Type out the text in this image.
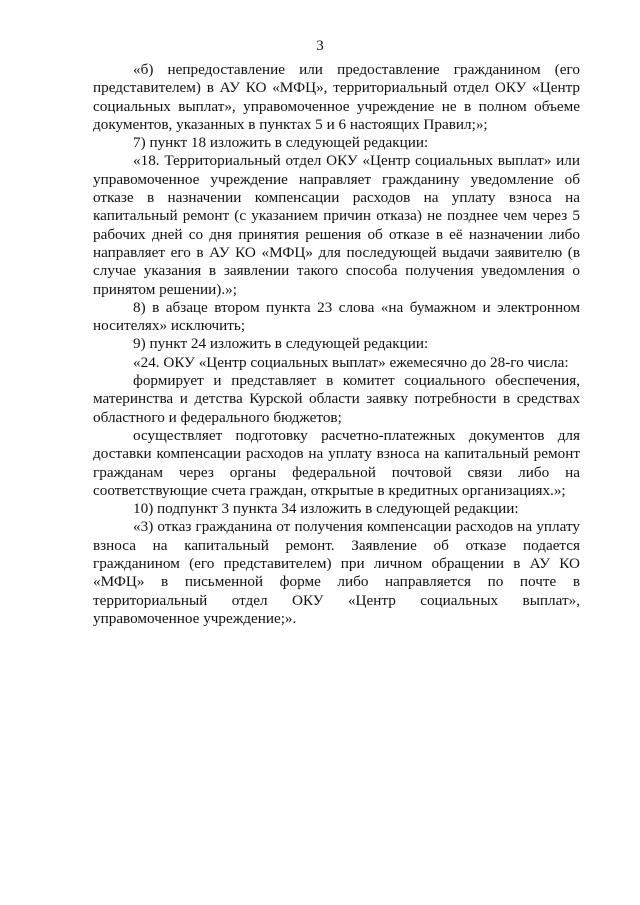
3

«б) непредоставление или предоставление гражданином (его представителем) в АУ КО «МФЦ», территориальный отдел ОКУ «Центр социальных выплат», управомоченное учреждение не в полном объеме документов, указанных в пунктах 5 и 6 настоящих Правил;»;

7) пункт 18 изложить в следующей редакции:

«18. Территориальный отдел ОКУ «Центр социальных выплат» или управомоченное учреждение направляет гражданину уведомление об отказе в назначении компенсации расходов на уплату взноса на капитальный ремонт (с указанием причин отказа) не позднее чем через 5 рабочих дней со дня принятия решения об отказе в её назначении либо направляет его в АУ КО «МФЦ» для последующей выдачи заявителю (в случае указания в заявлении такого способа получения уведомления о принятом решении).»;

8) в абзаце втором пункта 23 слова «на бумажном и электронном носителях» исключить;

9) пункт 24 изложить в следующей редакции:

«24. ОКУ «Центр социальных выплат» ежемесячно до 28-го числа:

формирует и представляет в комитет социального обеспечения, материнства и детства Курской области заявку потребности в средствах областного и федерального бюджетов;

осуществляет подготовку расчетно-платежных документов для доставки компенсации расходов на уплату взноса на капитальный ремонт гражданам через органы федеральной почтовой связи либо на соответствующие счета граждан, открытые в кредитных организациях.»;

10) подпункт 3 пункта 34 изложить в следующей редакции:

«3) отказ гражданина от получения компенсации расходов на уплату взноса на капитальный ремонт. Заявление об отказе подается гражданином (его представителем) при личном обращении в АУ КО «МФЦ» в письменной форме либо направляется по почте в территориальный отдел ОКУ «Центр социальных выплат», управомоченное учреждение;».
